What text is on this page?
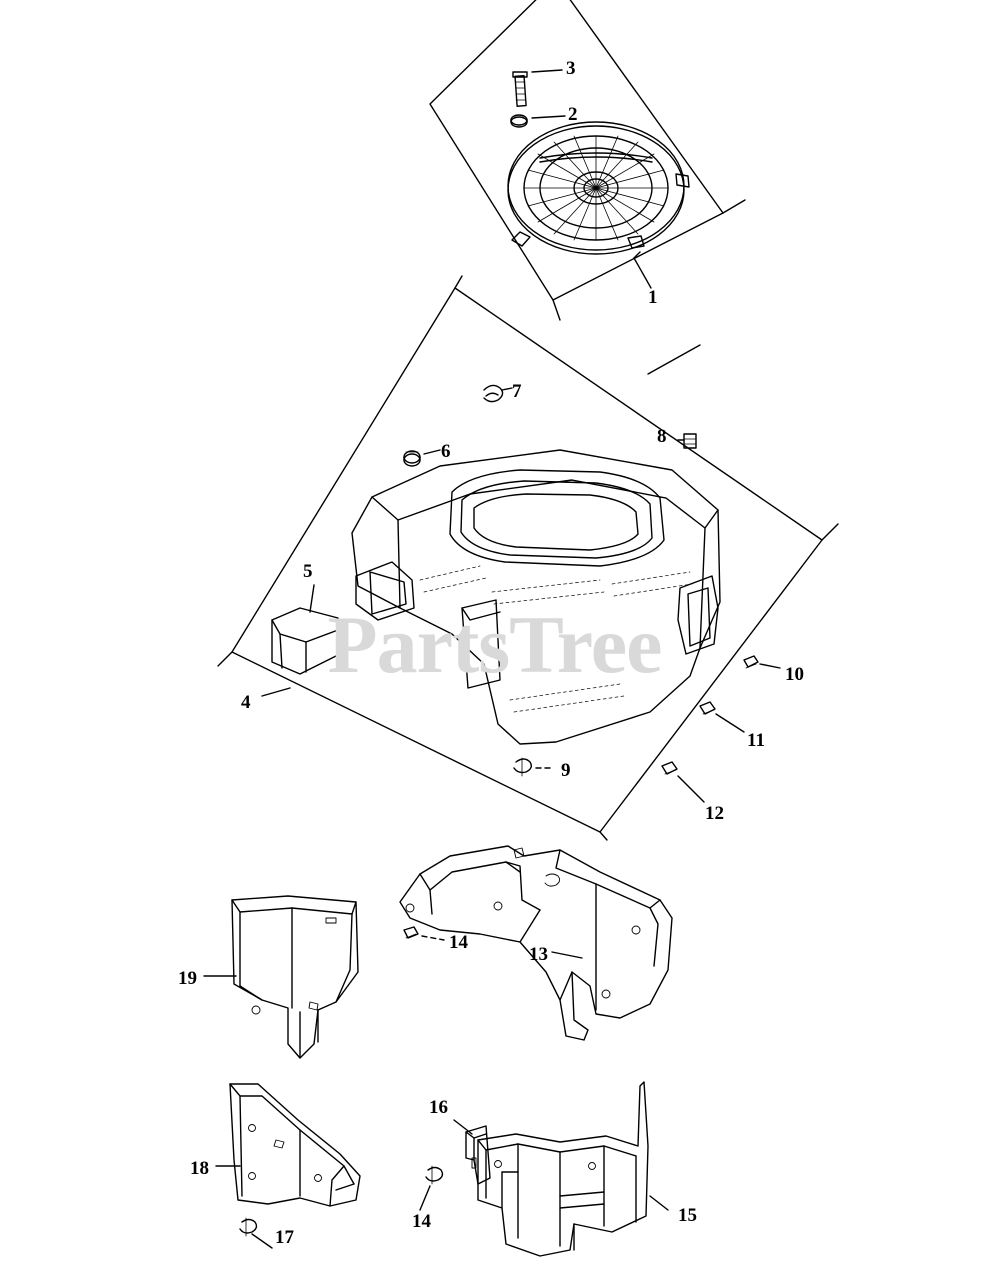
PartsTree
1
2
3
4
5
6
7
8
9
10
11
12
13
14
14	15
16
17
18
19
